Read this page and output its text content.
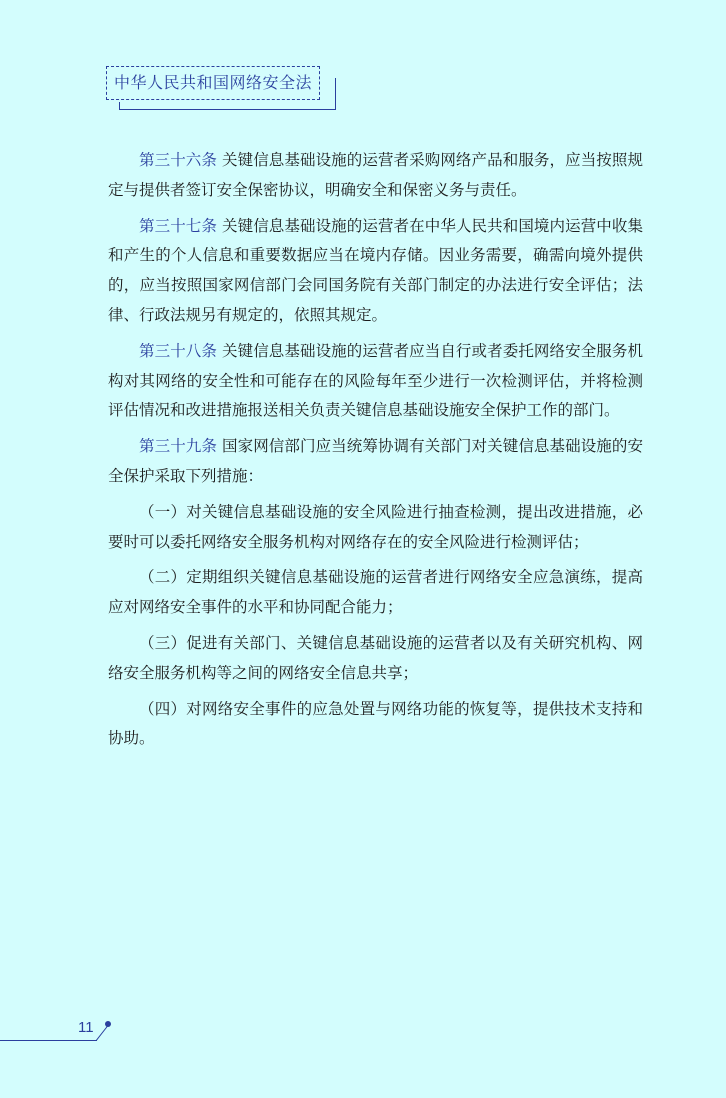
中华人民共和国网络安全法

第三十六条 关键信息基础设施的运营者采购网络产品和服务，应当按照规定与提供者签订安全保密协议，明确安全和保密义务与责任。

第三十七条 关键信息基础设施的运营者在中华人民共和国境内运营中收集和产生的个人信息和重要数据应当在境内存储。因业务需要，确需向境外提供的，应当按照国家网信部门会同国务院有关部门制定的办法进行安全评估；法律、行政法规另有规定的，依照其规定。

第三十八条 关键信息基础设施的运营者应当自行或者委托网络安全服务机构对其网络的安全性和可能存在的风险每年至少进行一次检测评估，并将检测评估情况和改进措施报送相关负责关键信息基础设施安全保护工作的部门。

第三十九条 国家网信部门应当统筹协调有关部门对关键信息基础设施的安全保护采取下列措施：

（一）对关键信息基础设施的安全风险进行抽查检测，提出改进措施，必要时可以委托网络安全服务机构对网络存在的安全风险进行检测评估；

（二）定期组织关键信息基础设施的运营者进行网络安全应急演练，提高应对网络安全事件的水平和协同配合能力；

（三）促进有关部门、关键信息基础设施的运营者以及有关研究机构、网络安全服务机构等之间的网络安全信息共享；

（四）对网络安全事件的应急处置与网络功能的恢复等，提供技术支持和协助。

11
